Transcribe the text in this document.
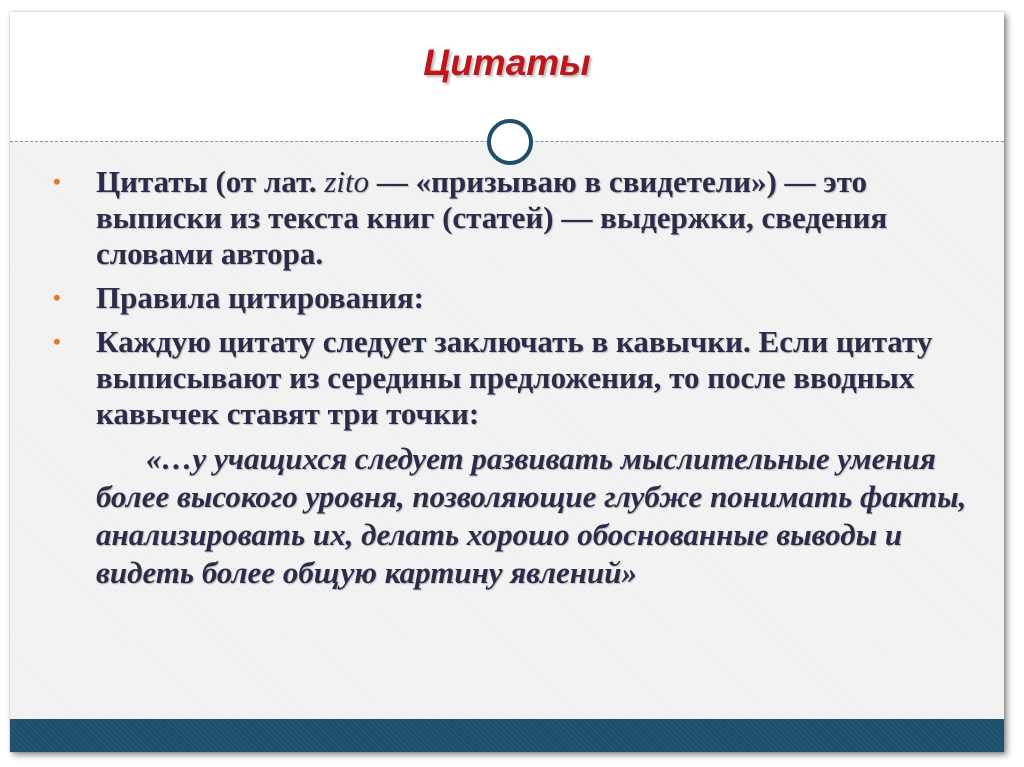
Цитаты
• Цитаты (от лат. zito — «призываю в свидетели») — это выписки из текста книг (статей) — выдержки, сведения словами автора.
• Правила цитирования:
• Каждую цитату следует заключать в кавычки. Если цитату выписывают из середины предложения, то после вводных кавычек ставят три точки:
«…у учащихся следует развивать мыслительные умения более высокого уровня, позволяющие глубже понимать факты, анализировать их, делать хорошо обоснованные выводы и видеть более общую картину явлений»
